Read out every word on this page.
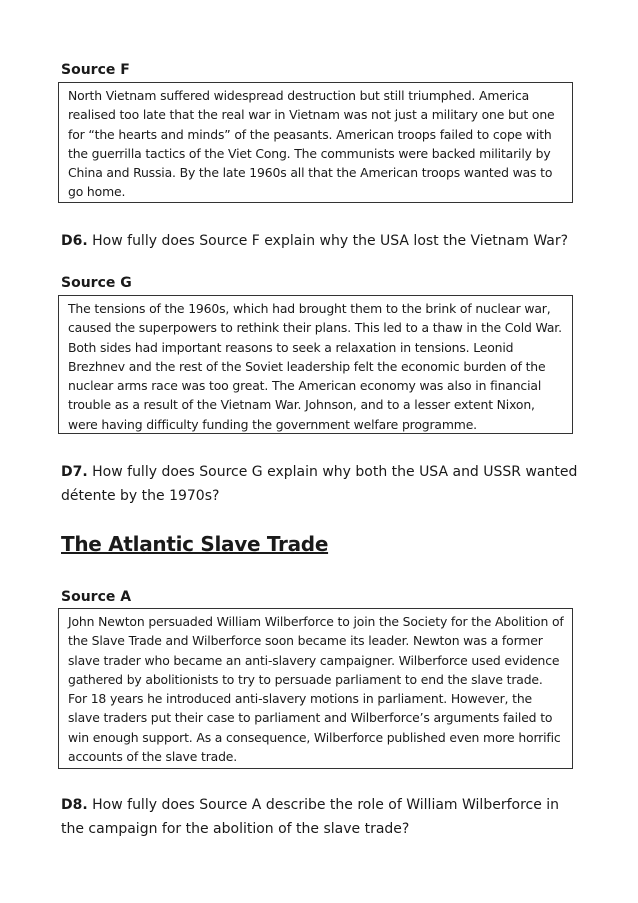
Source F

North Vietnam suffered widespread destruction but still triumphed. America realised too late that the real war in Vietnam was not just a military one but one for “the hearts and minds” of the peasants. American troops failed to cope with the guerrilla tactics of the Viet Cong. The communists were backed militarily by China and Russia. By the late 1960s all that the American troops wanted was to go home.

D6. How fully does Source F explain why the USA lost the Vietnam War?

Source G

The tensions of the 1960s, which had brought them to the brink of nuclear war, caused the superpowers to rethink their plans. This led to a thaw in the Cold War. Both sides had important reasons to seek a relaxation in tensions. Leonid Brezhnev and the rest of the Soviet leadership felt the economic burden of the nuclear arms race was too great. The American economy was also in financial trouble as a result of the Vietnam War. Johnson, and to a lesser extent Nixon, were having difficulty funding the government welfare programme.

D7. How fully does Source G explain why both the USA and USSR wanted détente by the 1970s?

The Atlantic Slave Trade
Source A

John Newton persuaded William Wilberforce to join the Society for the Abolition of the Slave Trade and Wilberforce soon became its leader. Newton was a former slave trader who became an anti-slavery campaigner. Wilberforce used evidence gathered by abolitionists to try to persuade parliament to end the slave trade. For 18 years he introduced anti-slavery motions in parliament. However, the slave traders put their case to parliament and Wilberforce’s arguments failed to win enough support. As a consequence, Wilberforce published even more horrific accounts of the slave trade.

D8. How fully does Source A describe the role of William Wilberforce in the campaign for the abolition of the slave trade?
